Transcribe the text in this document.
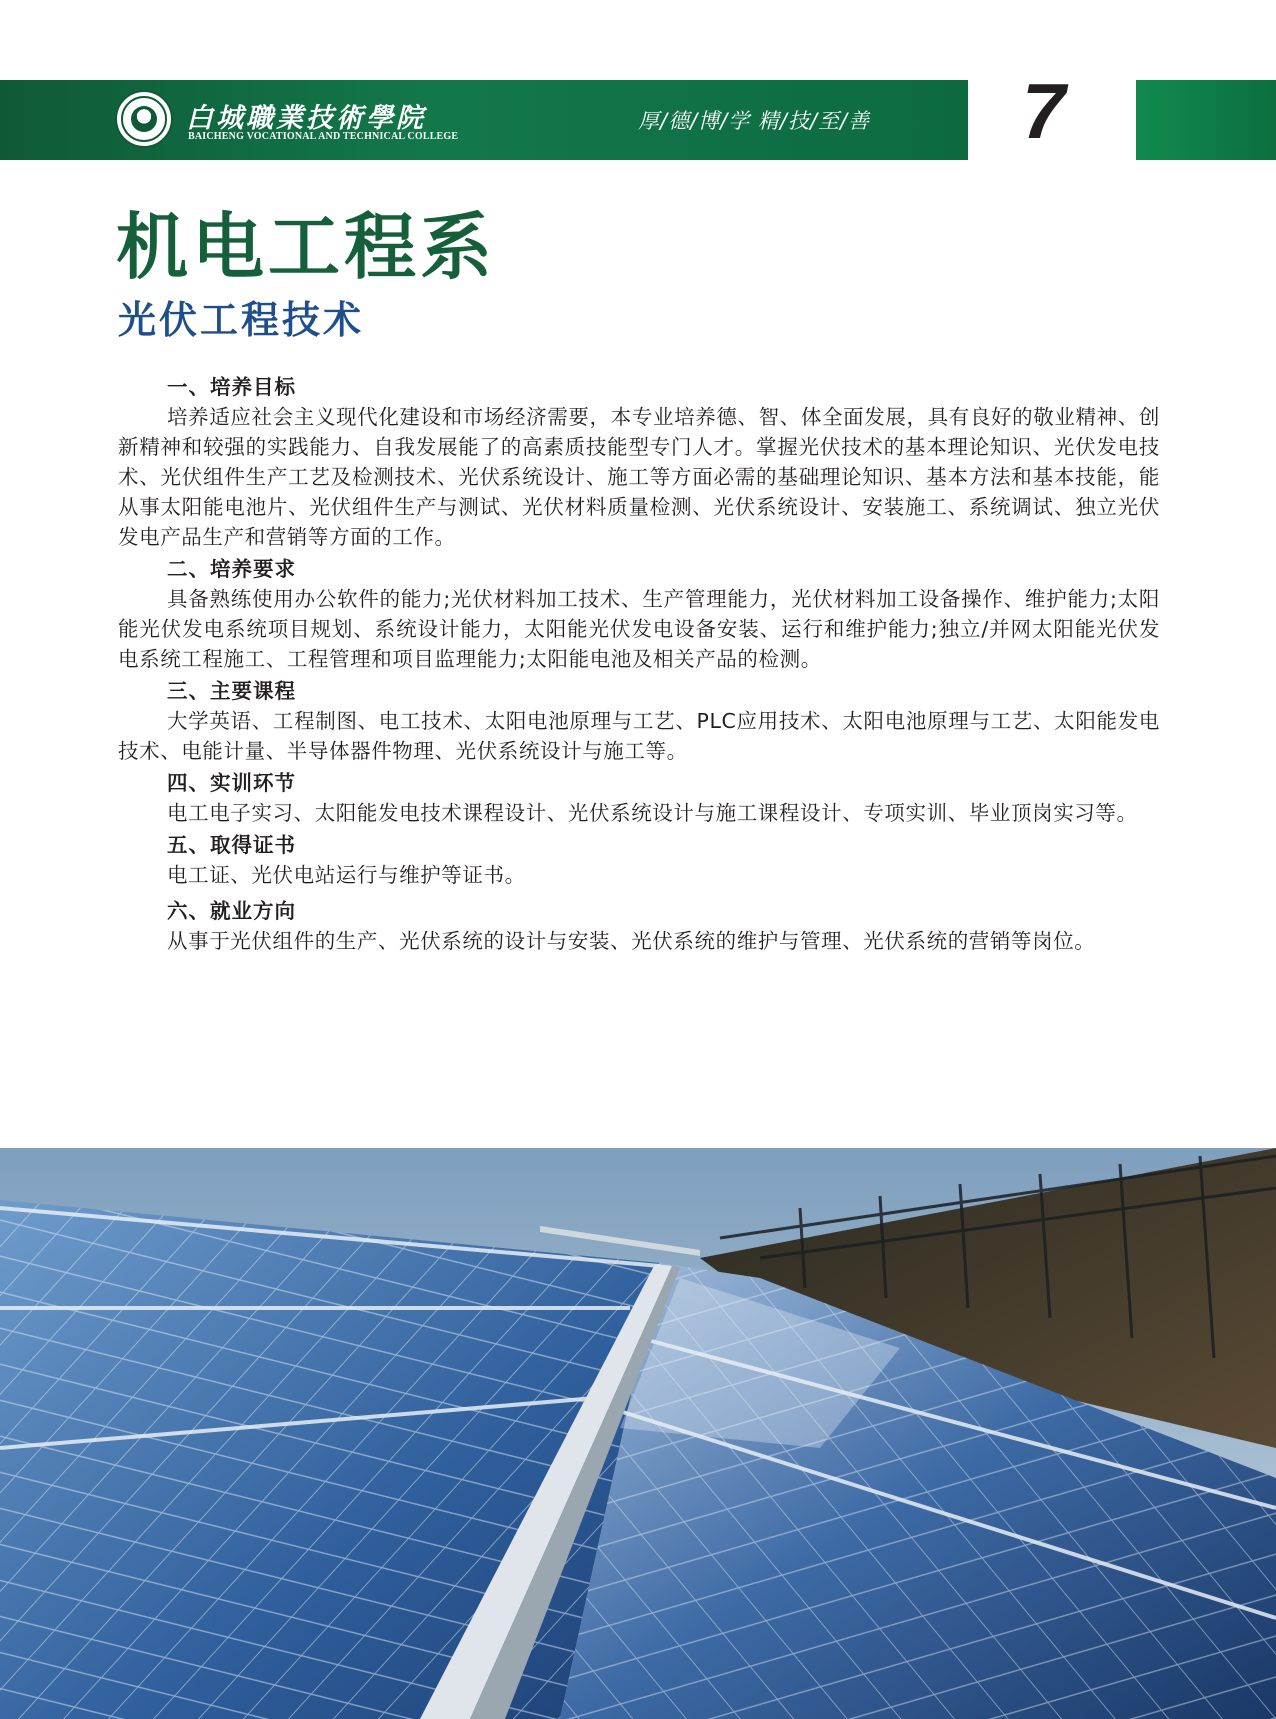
白城職業技術學院
BAICHENG VOCATIONAL AND TECHNICAL COLLEGE
厚/德/博/学 精/技/至/善 7
机电工程系
光伏工程技术

一、培养目标

培养适应社会主义现代化建设和市场经济需要，本专业培养德、智、体全面发展，具有良好的敬业精神、创新精神和较强的实践能力、自我发展能了的高素质技能型专门人才。掌握光伏技术的基本理论知识、光伏发电技术、光伏组件生产工艺及检测技术、光伏系统设计、施工等方面必需的基础理论知识、基本方法和基本技能，能从事太阳能电池片、光伏组件生产与测试、光伏材料质量检测、光伏系统设计、安装施工、系统调试、独立光伏发电产品生产和营销等方面的工作。

二、培养要求

具备熟练使用办公软件的能力;光伏材料加工技术、生产管理能力，光伏材料加工设备操作、维护能力;太阳能光伏发电系统项目规划、系统设计能力，太阳能光伏发电设备安装、运行和维护能力;独立/并网太阳能光伏发电系统工程施工、工程管理和项目监理能力;太阳能电池及相关产品的检测。

三、主要课程

大学英语、工程制图、电工技术、太阳电池原理与工艺、PLC应用技术、太阳电池原理与工艺、太阳能发电技术、电能计量、半导体器件物理、光伏系统设计与施工等。

四、实训环节

电工电子实习、太阳能发电技术课程设计、光伏系统设计与施工课程设计、专项实训、毕业顶岗实习等。

五、取得证书

电工证、光伏电站运行与维护等证书。

六、就业方向

从事于光伏组件的生产、光伏系统的设计与安装、光伏系统的维护与管理、光伏系统的营销等岗位。
